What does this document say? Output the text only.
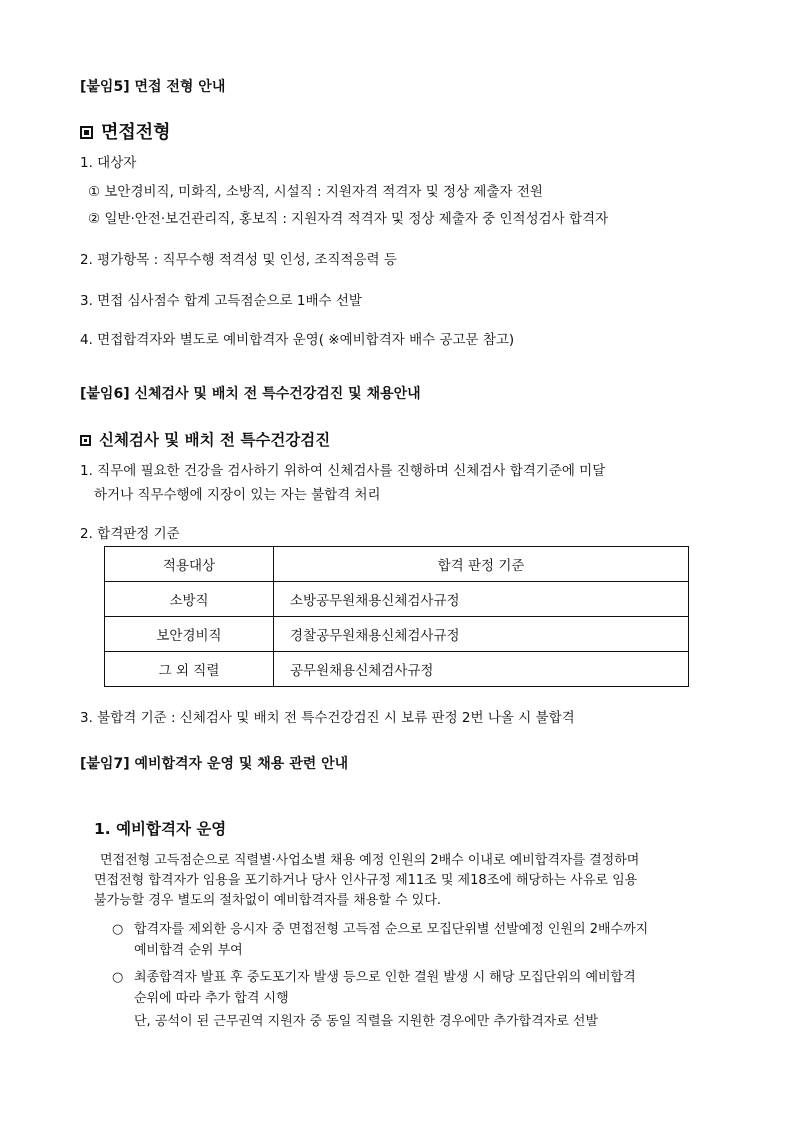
[붙임5] 면접 전형 안내
면접전형
1. 대상자
① 보안경비직, 미화직, 소방직, 시설직 : 지원자격 적격자 및 정상 제출자 전원
② 일반·안전·보건관리직, 홍보직 : 지원자격 적격자 및 정상 제출자 중 인적성검사 합격자
2. 평가항목 : 직무수행 적격성 및 인성, 조직적응력 등
3. 면접 심사점수 합계 고득점순으로 1배수 선발
4. 면접합격자와 별도로 예비합격자 운영( ※예비합격자 배수 공고문 참고)
[붙임6] 신체검사 및 배치 전 특수건강검진 및 채용안내
신체검사 및 배치 전 특수건강검진
1. 직무에 필요한 건강을 검사하기 위하여 신체검사를 진행하며 신체검사 합격기준에 미달
하거나 직무수행에 지장이 있는 자는 불합격 처리
2. 합격판정 기준
적용대상	합격 판정 기준
소방직	소방공무원채용신체검사규정
보안경비직	경찰공무원채용신체검사규정
그 외 직렬	공무원채용신체검사규정
3. 불합격 기준 : 신체검사 및 배치 전 특수건강검진 시 보류 판정 2번 나올 시 불합격
[붙임7] 예비합격자 운영 및 채용 관련 안내
1. 예비합격자 운영
면접전형 고득점순으로 직렬별·사업소별 채용 예정 인원의 2배수 이내로 예비합격자를 결정하며
면접전형 합격자가 임용을 포기하거나 당사 인사규정 제11조 및 제18조에 해당하는 사유로 임용
불가능할 경우 별도의 절차없이 예비합격자를 채용할 수 있다.
○ 합격자를 제외한 응시자 중 면접전형 고득점 순으로 모집단위별 선발예정 인원의 2배수까지
예비합격 순위 부여
○ 최종합격자 발표 후 중도포기자 발생 등으로 인한 결원 발생 시 해당 모집단위의 예비합격
순위에 따라 추가 합격 시행
단, 공석이 된 근무권역 지원자 중 동일 직렬을 지원한 경우에만 추가합격자로 선발
